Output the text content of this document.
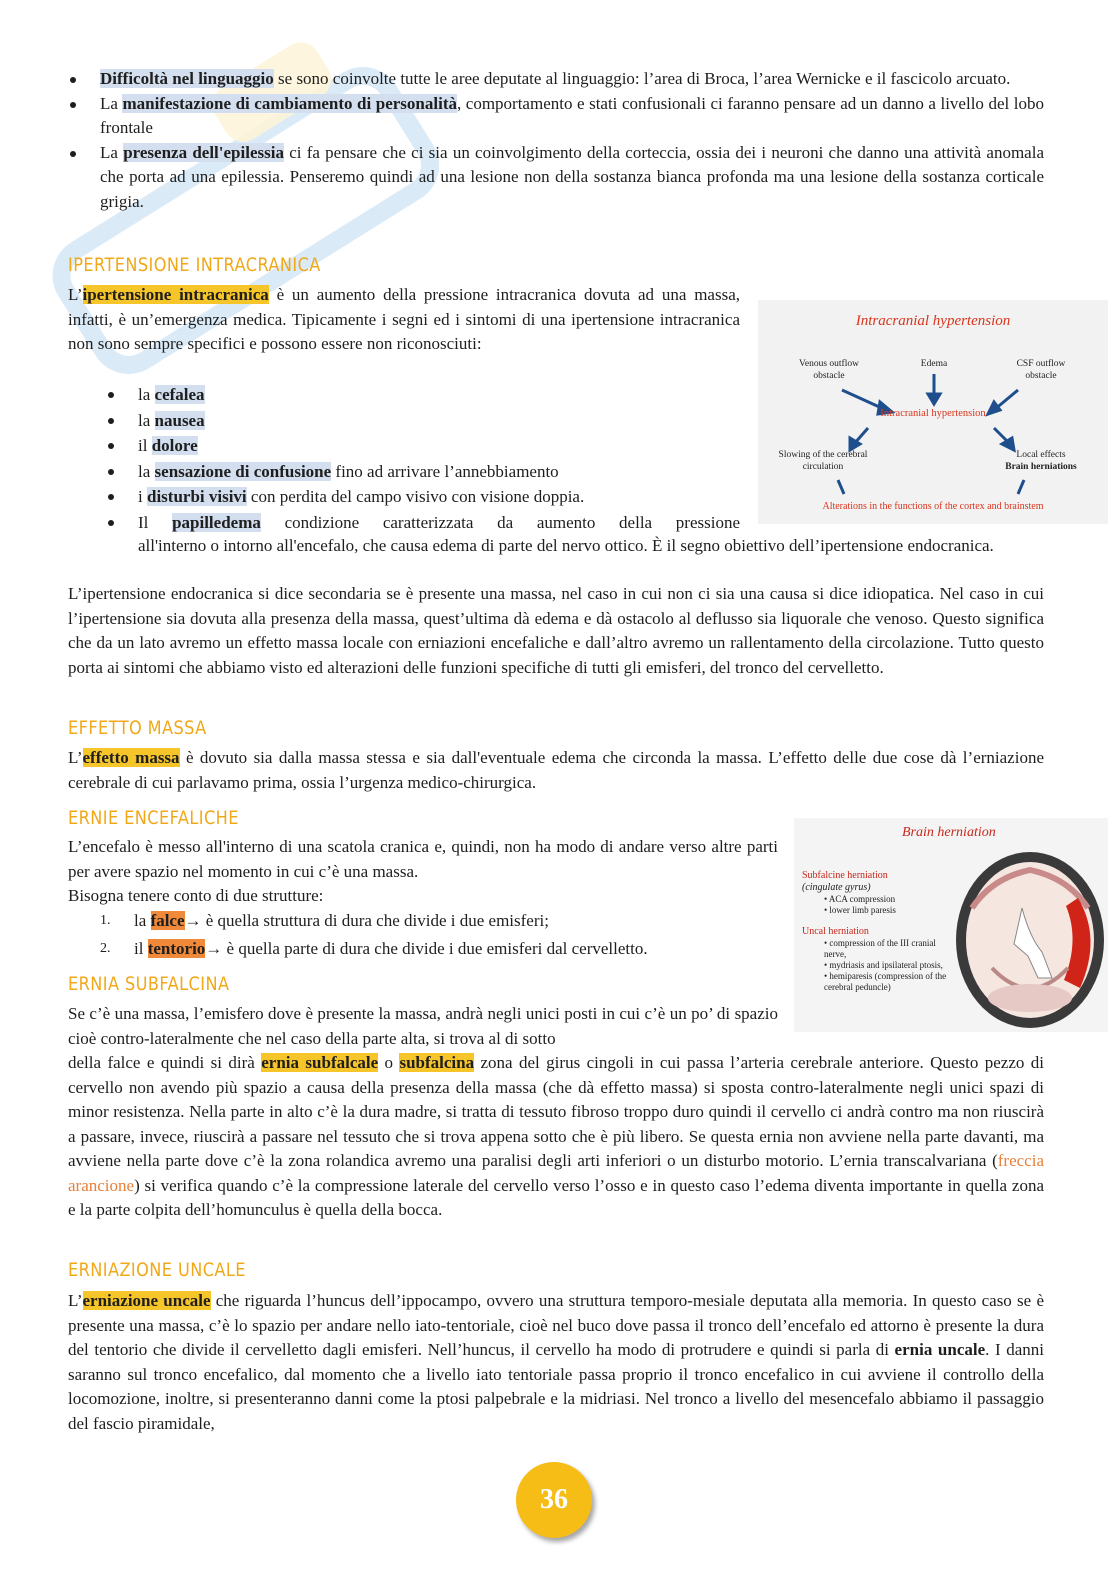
Difficoltà nel linguaggio se sono coinvolte tutte le aree deputate al linguaggio: l’area di Broca, l’area Wernicke e il fascicolo arcuato.
La manifestazione di cambiamento di personalità, comportamento e stati confusionali ci faranno pensare ad un danno a livello del lobo frontale
La presenza dell'epilessia ci fa pensare che ci sia un coinvolgimento della corteccia, ossia dei i neuroni che danno una attività anomala che porta ad una epilessia. Penseremo quindi ad una lesione non della sostanza bianca profonda ma una lesione della sostanza corticale grigia.
IPERTENSIONE INTRACRANICA
L’ipertensione intracranica è un aumento della pressione intracranica dovuta ad una massa, infatti, è un’emergenza medica. Tipicamente i segni ed i sintomi di una ipertensione intracranica non sono sempre specifici e possono essere non riconosciuti:
la cefalea
la nausea
il dolore
la sensazione di confusione fino ad arrivare l’annebbiamento
i disturbi visivi con perdita del campo visivo con visione doppia.
Il papilledema condizione caratterizzata da aumento della pressione
all'interno o intorno all'encefalo, che causa edema di parte del nervo ottico. È il segno obiettivo dell’ipertensione endocranica.
L’ipertensione endocranica si dice secondaria se è presente una massa, nel caso in cui non ci sia una causa si dice idiopatica. Nel caso in cui l’ipertensione sia dovuta alla presenza della massa, quest’ultima dà edema e dà ostacolo al deflusso sia liquorale che venoso. Questo significa che da un lato avremo un effetto massa locale con erniazioni encefaliche e dall’altro avremo un rallentamento della circolazione. Tutto questo porta ai sintomi che abbiamo visto ed alterazioni delle funzioni specifiche di tutti gli emisferi, del tronco del cervelletto.
Intracranial hypertension
Venous outflow obstacle
Edema	CSF outflow obstacle
Intracranial hypertension
Slowing of the cerebral circulation
Local effects
Brain herniations
Alterations in the functions of the cortex and brainstem
EFFETTO MASSA
L’effetto massa è dovuto sia dalla massa stessa e sia dall'eventuale edema che circonda la massa. L’effetto delle due cose dà l’erniazione cerebrale di cui parlavamo prima, ossia l’urgenza medico-chirurgica.
ERNIE ENCEFALICHE
L’encefalo è messo all'interno di una scatola cranica e, quindi, non ha modo di andare verso altre parti per avere spazio nel momento in cui c’è una massa.
Bisogna tenere conto di due strutture:
1. la falce→ è quella struttura di dura che divide i due emisferi;
2. il tentorio→ è quella parte di dura che divide i due emisferi dal cervelletto.
Brain herniation
Subfalcine herniation
(cingulate gyrus)
• ACA compression
• lower limb paresis
Uncal herniation
• compression of the III cranial nerve,
• mydriasis and ipsilateral ptosis,
• hemiparesis (compression of the cerebral peduncle)
ERNIA SUBFALCINA
Se c’è una massa, l’emisfero dove è presente la massa, andrà negli unici posti in cui c’è un po’ di spazio cioè contro-lateralmente che nel caso della parte alta, si trova al di sotto
della falce e quindi si dirà ernia subfalcale o subfalcina zona del girus cingoli in cui passa l’arteria cerebrale anteriore. Questo pezzo di cervello non avendo più spazio a causa della presenza della massa (che dà effetto massa) si sposta contro-lateralmente negli unici spazi di minor resistenza. Nella parte in alto c’è la dura madre, si tratta di tessuto fibroso troppo duro quindi il cervello ci andrà contro ma non riuscirà a passare, invece, riuscirà a passare nel tessuto che si trova appena sotto che è più libero. Se questa ernia non avviene nella parte davanti, ma avviene nella parte dove c’è la zona rolandica avremo una paralisi degli arti inferiori o un disturbo motorio. L’ernia transcalvariana (freccia arancione) si verifica quando c’è la compressione laterale del cervello verso l’osso e in questo caso l’edema diventa importante in quella zona e la parte colpita dell’homunculus è quella della bocca.
ERNIAZIONE UNCALE
L’erniazione uncale che riguarda l’huncus dell’ippocampo, ovvero una struttura temporo-mesiale deputata alla memoria. In questo caso se è presente una massa, c’è lo spazio per andare nello iato-tentoriale, cioè nel buco dove passa il tronco dell’encefalo ed attorno è presente la dura del tentorio che divide il cervelletto dagli emisferi. Nell’huncus, il cervello ha modo di protrudere e quindi si parla di ernia uncale. I danni saranno sul tronco encefalico, dal momento che a livello iato tentoriale passa proprio il tronco encefalico in cui avviene il controllo della locomozione, inoltre, si presenteranno danni come la ptosi palpebrale e la midriasi. Nel tronco a livello del mesencefalo abbiamo il passaggio del fascio piramidale,
36
